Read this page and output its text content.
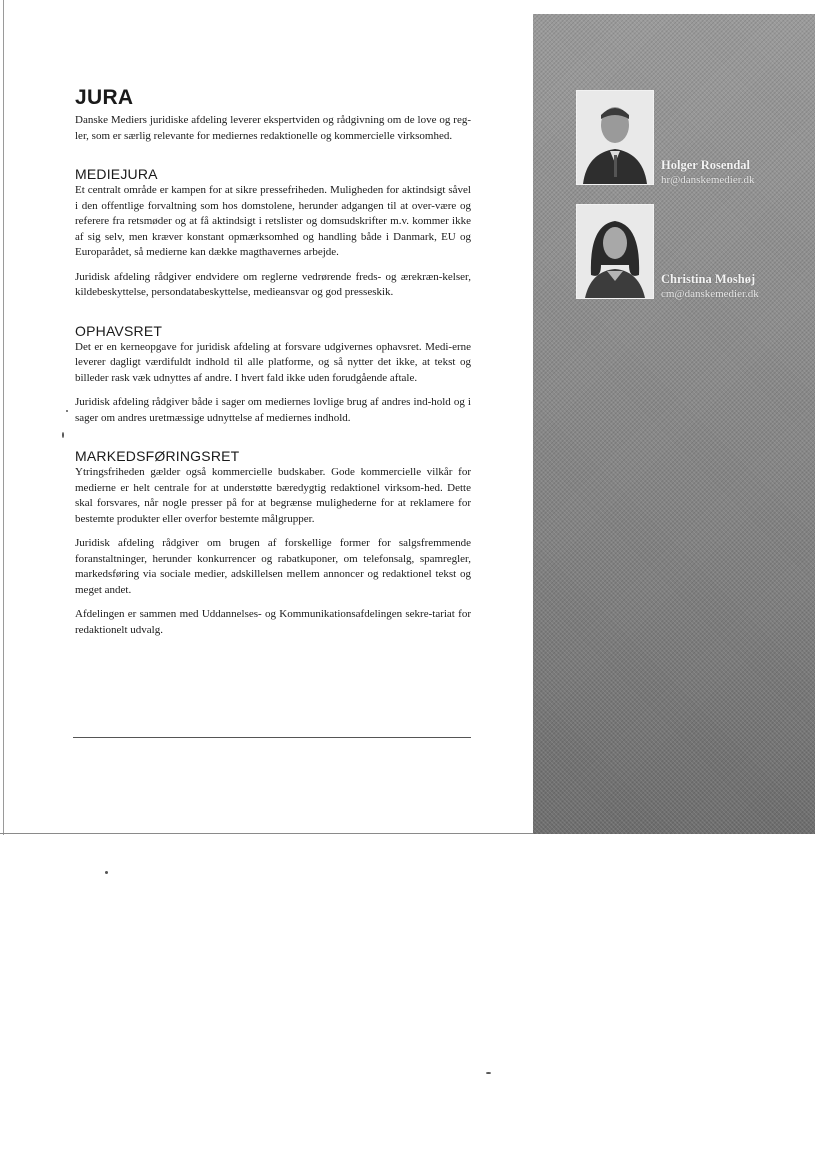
JURA

Danske Mediers juridiske afdeling leverer ekspertviden og rådgivning om de love og reg-ler, som er særlig relevante for mediernes redaktionelle og kommercielle virksomhed.

MEDIEJURA

Et centralt område er kampen for at sikre pressefriheden. Muligheden for aktindsigt såvel i den offentlige forvaltning som hos domstolene, herunder adgangen til at over-være og referere fra retsmøder og at få aktindsigt i retslister og domsudskrifter m.v. kommer ikke af sig selv, men kræver konstant opmærksomhed og handling både i Danmark, EU og Europarådet, så medierne kan dække magthavernes arbejde.

Juridisk afdeling rådgiver endvidere om reglerne vedrørende freds- og ærekræn-kelser, kildebeskyttelse, persondatabeskyttelse, medieansvar og god presseskik.

OPHAVSRET

Det er en kerneopgave for juridisk afdeling at forsvare udgivernes ophavsret. Medi-erne leverer dagligt værdifuldt indhold til alle platforme, og så nytter det ikke, at tekst og billeder rask væk udnyttes af andre. I hvert fald ikke uden forudgående aftale.

Juridisk afdeling rådgiver både i sager om mediernes lovlige brug af andres ind-hold og i sager om andres uretmæssige udnyttelse af mediernes indhold.

MARKEDSFØRINGSRET

Ytringsfriheden gælder også kommercielle budskaber. Gode kommercielle vilkår for medierne er helt centrale for at understøtte bæredygtig redaktionel virksom-hed. Dette skal forsvares, når nogle presser på for at begrænse mulighederne for at reklamere for bestemte produkter eller overfor bestemte målgrupper.

Juridisk afdeling rådgiver om brugen af forskellige former for salgsfremmende foranstaltninger, herunder konkurrencer og rabatkuponer, om telefonsalg, spamregler, markedsføring via sociale medier, adskillelsen mellem annoncer og redaktionel tekst og meget andet.

Afdelingen er sammen med Uddannelses- og Kommunikationsafdelingen sekre-tariat for redaktionelt udvalg.

Holger Rosendal
hr@danskemedier.dk
Christina Moshøj
cm@danskemedier.dk
